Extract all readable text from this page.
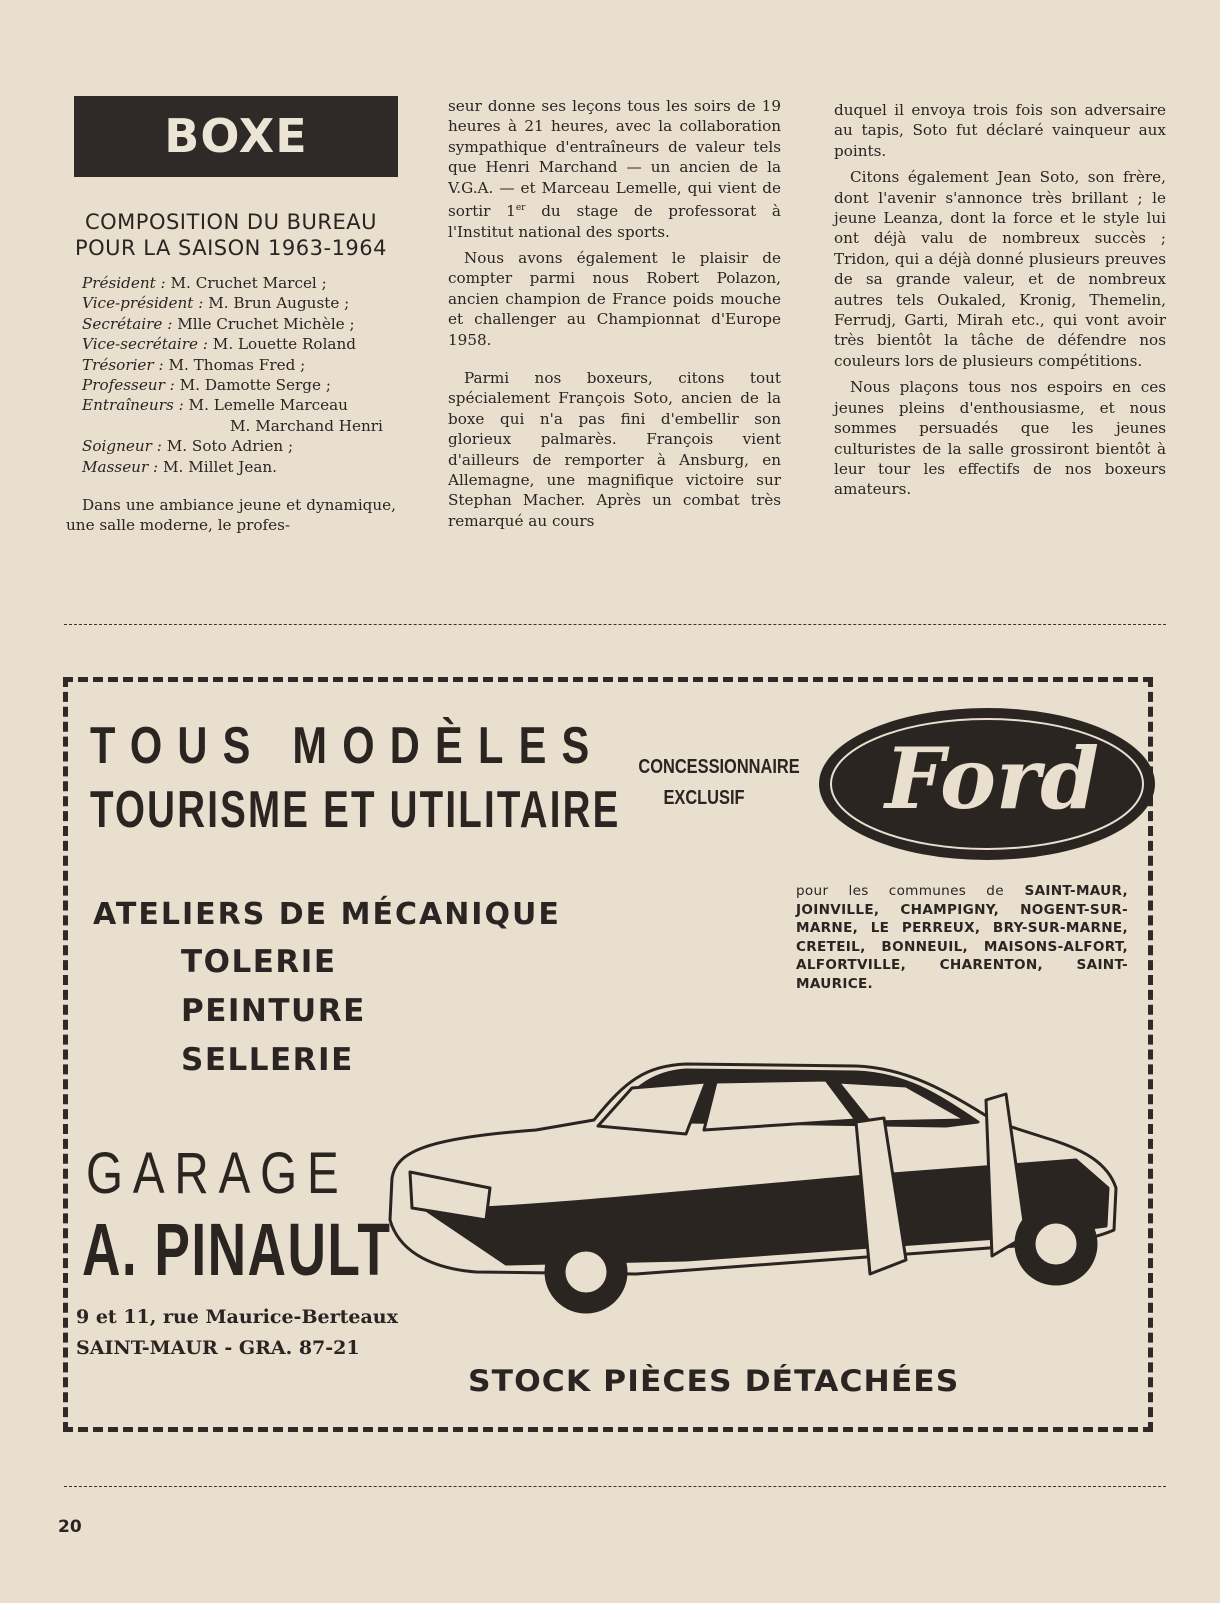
BOXE
COMPOSITION DU BUREAU
POUR LA SAISON 1963-1964
Président : M. Cruchet Marcel ;
Vice-président : M. Brun Auguste ;
Secrétaire : Mlle Cruchet Michèle ;
Vice-secrétaire : M. Louette Roland
Trésorier : M. Thomas Fred ;
Professeur : M. Damotte Serge ;
Entraîneurs : M. Lemelle Marceau
M. Marchand Henri
Soigneur : M. Soto Adrien ;
Masseur : M. Millet Jean.

Dans une ambiance jeune et dynamique, une salle moderne, le profes-

seur donne ses leçons tous les soirs de 19 heures à 21 heures, avec la collaboration sympathique d'entraîneurs de valeur tels que Henri Marchand — un ancien de la V.G.A. — et Marceau Lemelle, qui vient de sortir 1er du stage de professorat à l'Institut national des sports.

Nous avons également le plaisir de compter parmi nous Robert Polazon, ancien champion de France poids mouche et challenger au Championnat d'Europe 1958.

Parmi nos boxeurs, citons tout spécialement François Soto, ancien de la boxe qui n'a pas fini d'embellir son glorieux palmarès. François vient d'ailleurs de remporter à Ansburg, en Allemagne, une magnifique victoire sur Stephan Macher. Après un combat très remarqué au cours

duquel il envoya trois fois son adversaire au tapis, Soto fut déclaré vainqueur aux points.

Citons également Jean Soto, son frère, dont l'avenir s'annonce très brillant ; le jeune Leanza, dont la force et le style lui ont déjà valu de nombreux succès ; Tridon, qui a déjà donné plusieurs preuves de sa grande valeur, et de nombreux autres tels Oukaled, Kronig, Themelin, Ferrudj, Garti, Mirah etc., qui vont avoir très bientôt la tâche de défendre nos couleurs lors de plusieurs compétitions.

Nous plaçons tous nos espoirs en ces jeunes pleins d'enthousiasme, et nous sommes persuadés que les jeunes culturistes de la salle grossiront bientôt à leur tour les effectifs de nos boxeurs amateurs.

TOUS MODÈLES
TOURISME ET UTILITAIRE
CONCESSIONNAIRE
EXCLUSIF Ford
pour les communes de SAINT-MAUR, JOINVILLE, CHAMPIGNY, NOGENT-SUR-MARNE, LE PERREUX, BRY-SUR-MARNE, CRETEIL, BONNEUIL, MAISONS-ALFORT, ALFORTVILLE, CHARENTON, SAINT-MAURICE.
ATELIERS DE MÉCANIQUE
TOLERIE
PEINTURE
SELLERIE
GARAGE
A. PINAULT
9 et 11, rue Maurice-Berteaux
SAINT-MAUR - GRA. 87-21
STOCK PIÈCES DÉTACHÉES
20
